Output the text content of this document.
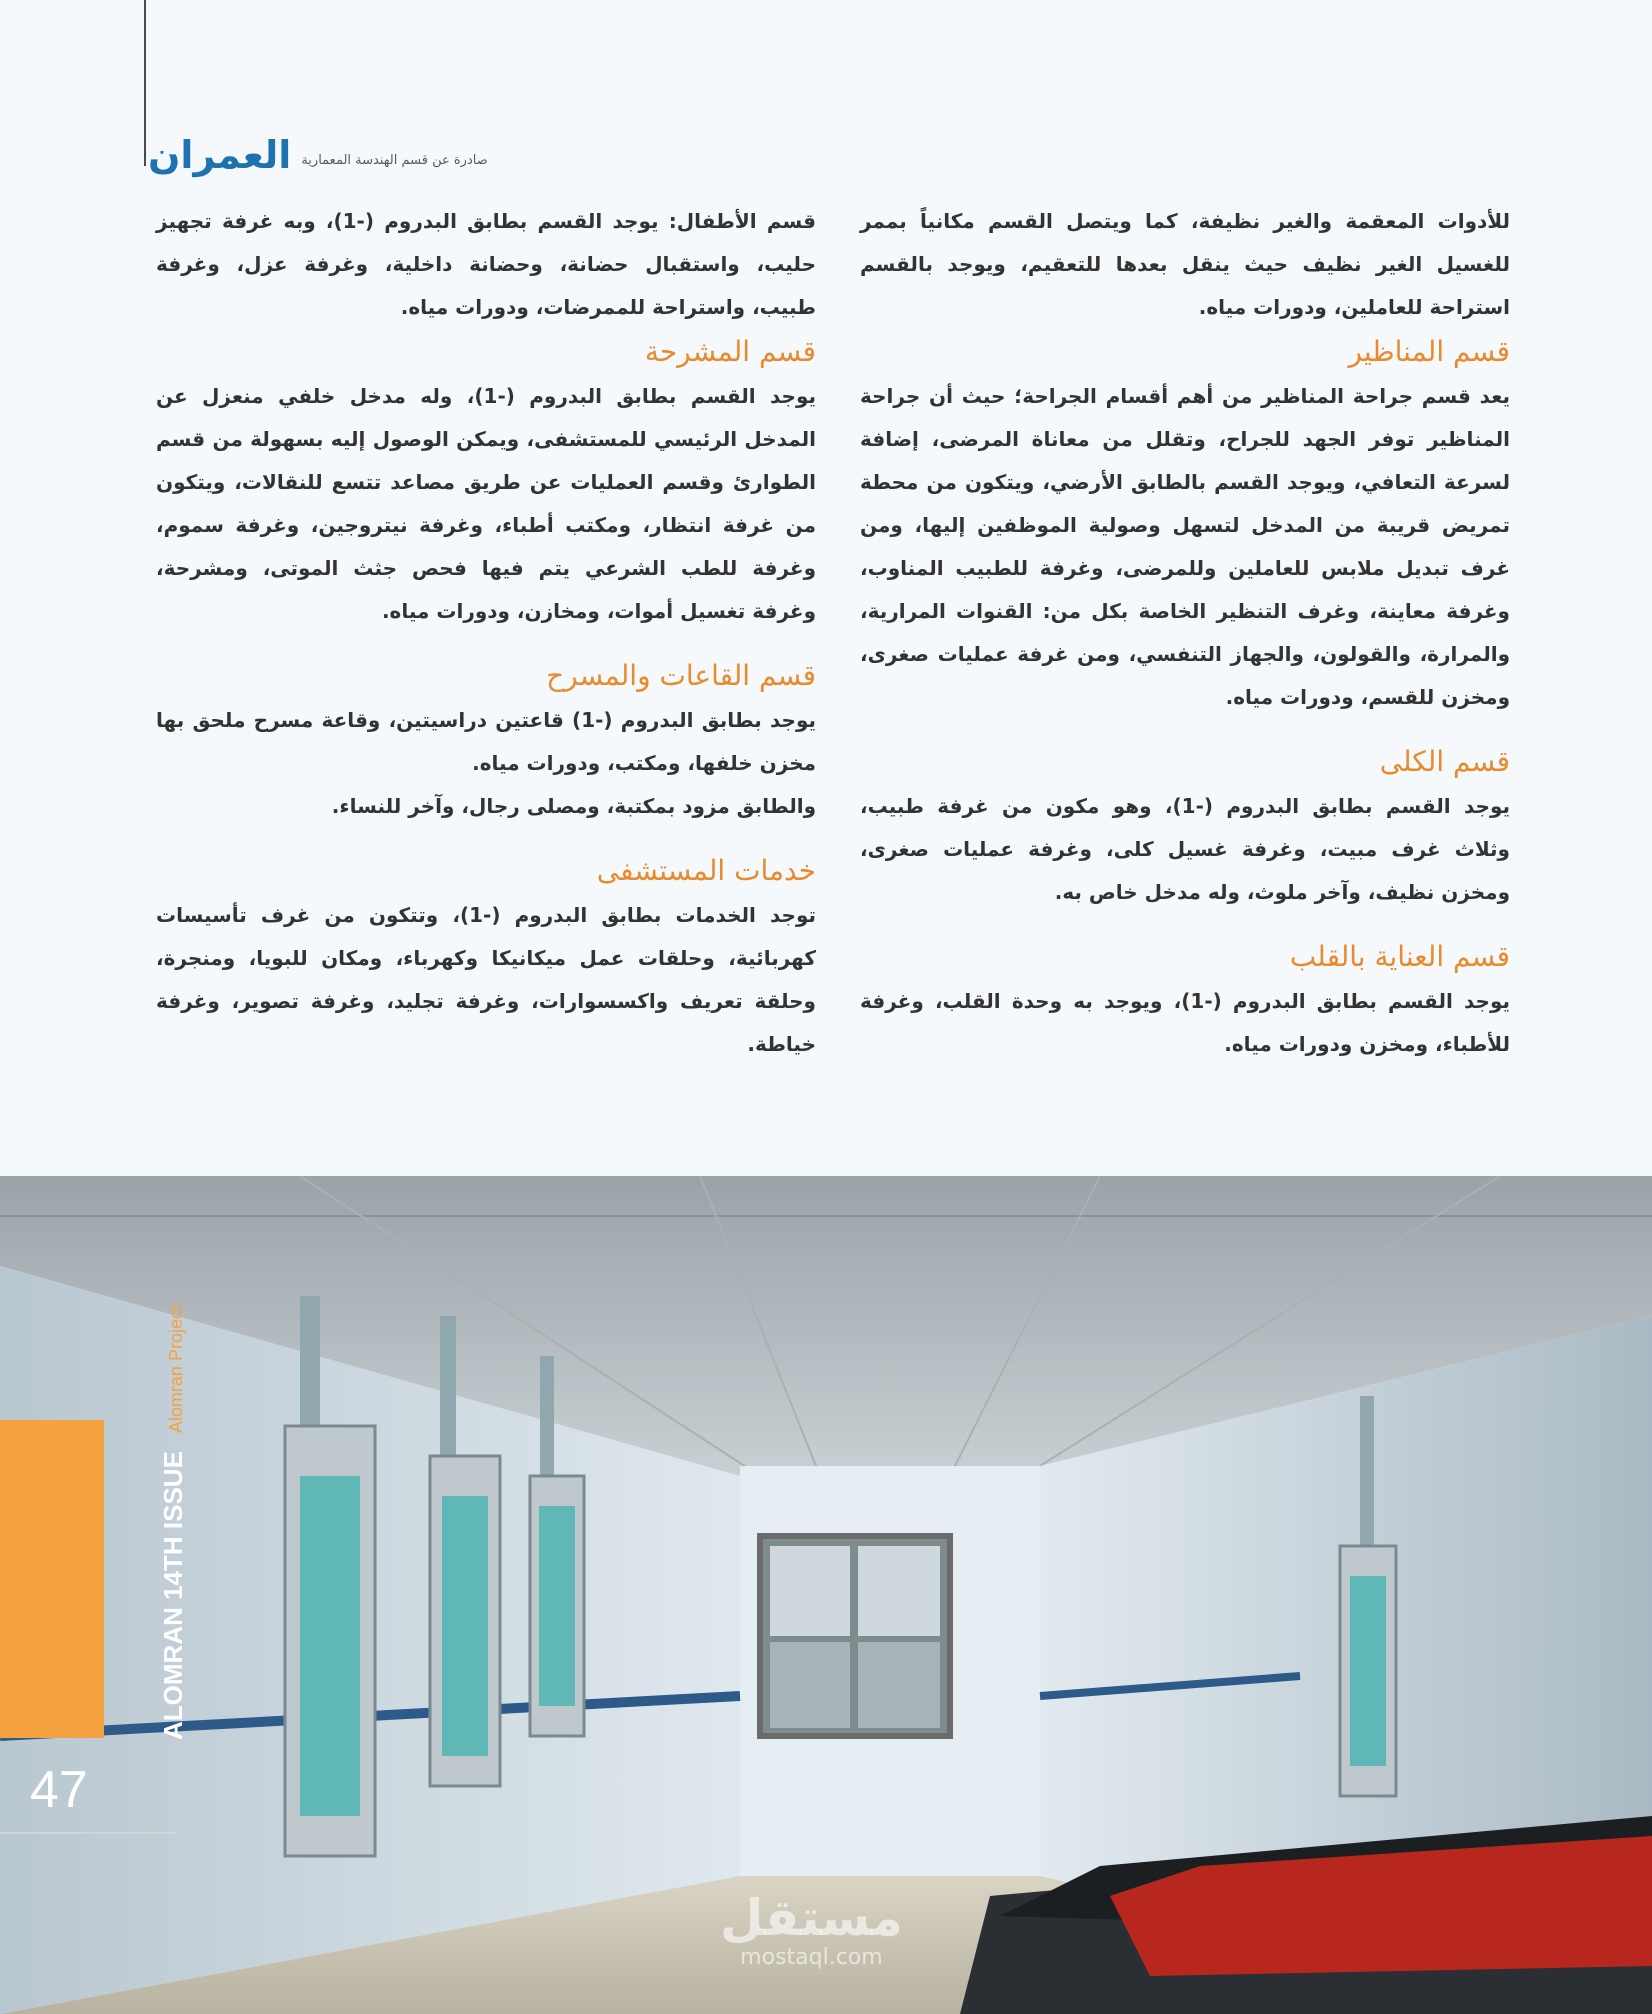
العمران صادرة عن قسم الهندسة المعمارية

للأدوات المعقمة والغير نظيفة، كما ويتصل القسم مكانياً بممر للغسيل الغير نظيف حيث ينقل بعدها للتعقيم، ويوجد بالقسم استراحة للعاملين، ودورات مياه.

قسم المناظير

يعد قسم جراحة المناظير من أهم أقسام الجراحة؛ حيث أن جراحة المناظير توفر الجهد للجراح، وتقلل من معاناة المرضى، إضافة لسرعة التعافي، ويوجد القسم بالطابق الأرضي، ويتكون من محطة تمريض قريبة من المدخل لتسهل وصولية الموظفين إليها، ومن غرف تبديل ملابس للعاملين وللمرضى، وغرفة للطبيب المناوب، وغرفة معاينة، وغرف التنظير الخاصة بكل من: القنوات المرارية، والمرارة، والقولون، والجهاز التنفسي، ومن غرفة عمليات صغرى، ومخزن للقسم، ودورات مياه.

قسم الكلى

يوجد القسم بطابق البدروم (-1)، وهو مكون من غرفة طبيب، وثلاث غرف مبيت، وغرفة غسيل كلى، وغرفة عمليات صغرى، ومخزن نظيف، وآخر ملوث، وله مدخل خاص به.

قسم العناية بالقلب

يوجد القسم بطابق البدروم (-1)، ويوجد به وحدة القلب، وغرفة للأطباء، ومخزن ودورات مياه.

قسم الأطفال: يوجد القسم بطابق البدروم (-1)، وبه غرفة تجهيز حليب، واستقبال حضانة، وحضانة داخلية، وغرفة عزل، وغرفة طبيب، واستراحة للممرضات، ودورات مياه.

قسم المشرحة

يوجد القسم بطابق البدروم (-1)، وله مدخل خلفي منعزل عن المدخل الرئيسي للمستشفى، ويمكن الوصول إليه بسهولة من قسم الطوارئ وقسم العمليات عن طريق مصاعد تتسع للنقالات، ويتكون من غرفة انتظار، ومكتب أطباء، وغرفة نيتروجين، وغرفة سموم، وغرفة للطب الشرعي يتم فيها فحص جثث الموتى، ومشرحة، وغرفة تغسيل أموات، ومخازن، ودورات مياه.

قسم القاعات والمسرح

يوجد بطابق البدروم (-1) قاعتين دراسيتين، وقاعة مسرح ملحق بها مخزن خلفها، ومكتب، ودورات مياه.

والطابق مزود بمكتبة، ومصلى رجال، وآخر للنساء.

خدمات المستشفى

توجد الخدمات بطابق البدروم (-1)، وتتكون من غرف تأسيسات كهربائية، وحلقات عمل ميكانيكا وكهرباء، ومكان للبويا، ومنجرة، وحلقة تعريف واكسسوارات، وغرفة تجليد، وغرفة تصوير، وغرفة خياطة.

ALOMRAN 14TH ISSUE
Alomran Project
47
مستقل
mostaql.com
